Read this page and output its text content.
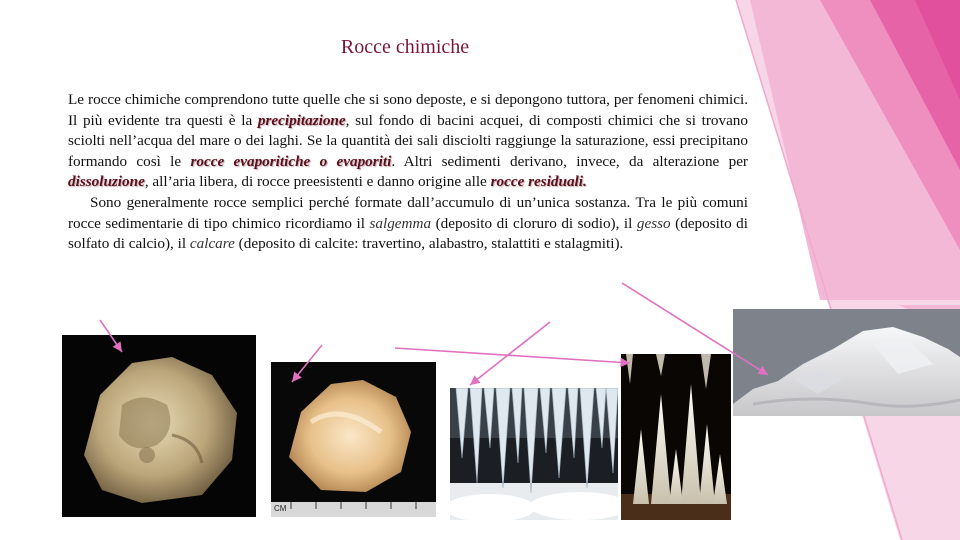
Rocce chimiche

Le rocce chimiche comprendono tutte quelle che si sono deposte, e si depongono tuttora, per fenomeni chimici. Il più evidente tra questi è la precipitazione, sul fondo di bacini acquei, di composti chimici che si trovano sciolti nell’acqua del mare o dei laghi. Se la quantità dei sali disciolti raggiunge la saturazione, essi precipitano formando così le rocce evaporitiche o evaporiti. Altri sedimenti derivano, invece, da alterazione per dissoluzione, all’aria libera, di rocce preesistenti e danno origine alle rocce residuali.

Sono generalmente rocce semplici perché formate dall’accumulo di un’unica sostanza. Tra le più comuni rocce sedimentarie di tipo chimico ricordiamo il salgemma (deposito di cloruro di sodio), il gesso (deposito di solfato di calcio), il calcare (deposito di calcite: travertino, alabastro, stalattiti e stalagmiti).

CM
